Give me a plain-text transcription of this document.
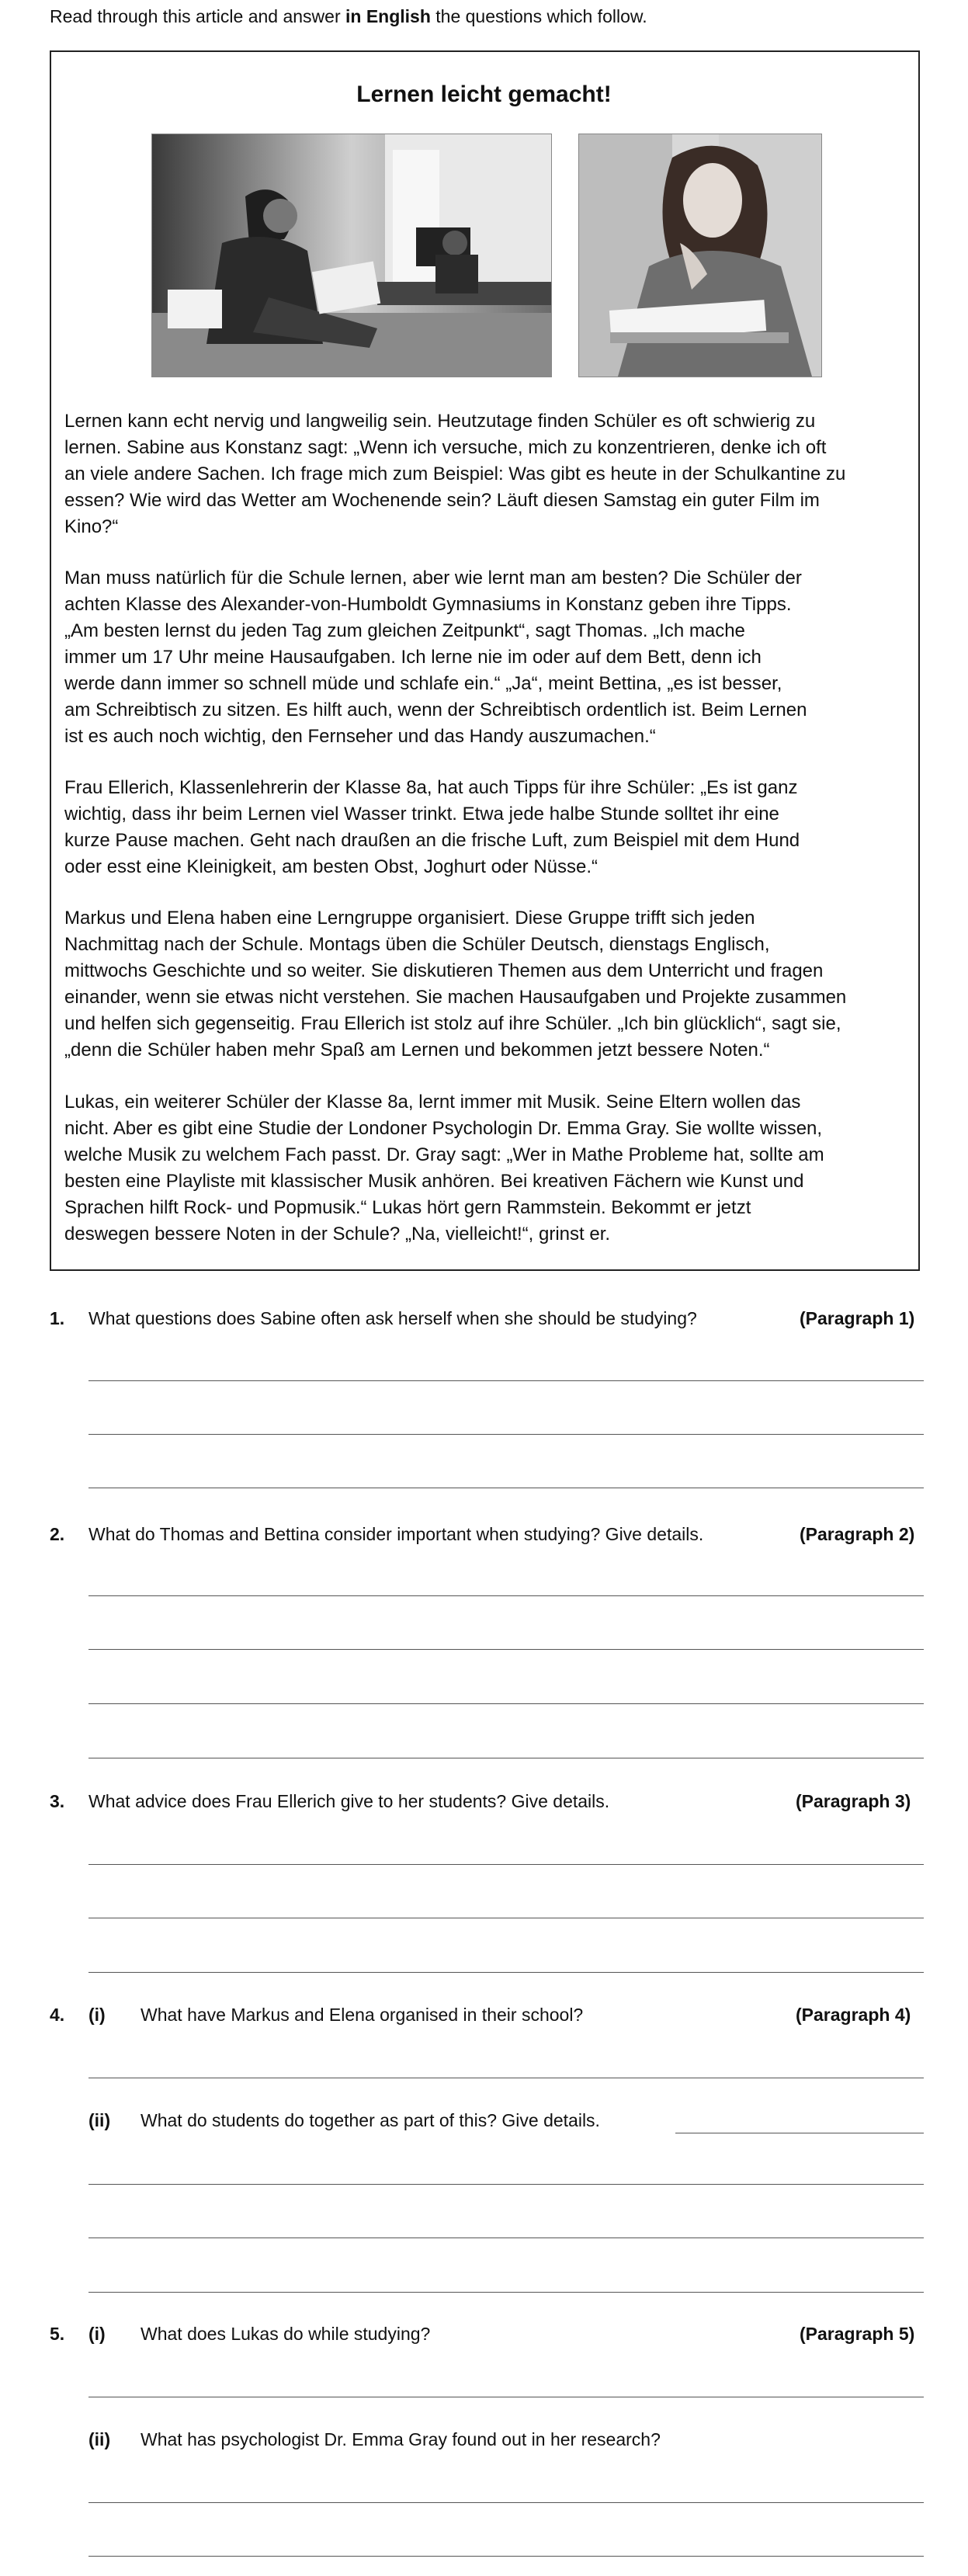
Read through this article and answer in English the questions which follow.
Lernen leicht gemacht!

Lernen kann echt nervig und langweilig sein. Heutzutage finden Schüler es oft schwierig zu

lernen. Sabine aus Konstanz sagt: „Wenn ich versuche, mich zu konzentrieren, denke ich oft

an viele andere Sachen. Ich frage mich zum Beispiel: Was gibt es heute in der Schulkantine zu

essen? Wie wird das Wetter am Wochenende sein? Läuft diesen Samstag ein guter Film im

Kino?“

Man muss natürlich für die Schule lernen, aber wie lernt man am besten? Die Schüler der

achten Klasse des Alexander-von-Humboldt Gymnasiums in Konstanz geben ihre Tipps.

„Am besten lernst du jeden Tag zum gleichen Zeitpunkt“, sagt Thomas. „Ich mache

immer um 17 Uhr meine Hausaufgaben. Ich lerne nie im oder auf dem Bett, denn ich

werde dann immer so schnell müde und schlafe ein.“ „Ja“, meint Bettina, „es ist besser,

am Schreibtisch zu sitzen. Es hilft auch, wenn der Schreibtisch ordentlich ist. Beim Lernen

ist es auch noch wichtig, den Fernseher und das Handy auszumachen.“

Frau Ellerich, Klassenlehrerin der Klasse 8a, hat auch Tipps für ihre Schüler: „Es ist ganz

wichtig, dass ihr beim Lernen viel Wasser trinkt. Etwa jede halbe Stunde solltet ihr eine

kurze Pause machen. Geht nach draußen an die frische Luft, zum Beispiel mit dem Hund

oder esst eine Kleinigkeit, am besten Obst, Joghurt oder Nüsse.“

Markus und Elena haben eine Lerngruppe organisiert. Diese Gruppe trifft sich jeden

Nachmittag nach der Schule. Montags üben die Schüler Deutsch, dienstags Englisch,

mittwochs Geschichte und so weiter. Sie diskutieren Themen aus dem Unterricht und fragen

einander, wenn sie etwas nicht verstehen. Sie machen Hausaufgaben und Projekte zusammen

und helfen sich gegenseitig. Frau Ellerich ist stolz auf ihre Schüler. „Ich bin glücklich“, sagt sie,

„denn die Schüler haben mehr Spaß am Lernen und bekommen jetzt bessere Noten.“

Lukas, ein weiterer Schüler der Klasse 8a, lernt immer mit Musik. Seine Eltern wollen das

nicht. Aber es gibt eine Studie der Londoner Psychologin Dr. Emma Gray. Sie wollte wissen,

welche Musik zu welchem Fach passt. Dr. Gray sagt: „Wer in Mathe Probleme hat, sollte am

besten eine Playliste mit klassischer Musik anhören. Bei kreativen Fächern wie Kunst und

Sprachen hilft Rock- und Popmusik.“ Lukas hört gern Rammstein. Bekommt er jetzt

deswegen bessere Noten in der Schule? „Na, vielleicht!“, grinst er.

1. What questions does Sabine often ask herself when she should be studying?	(Paragraph 1)
2. What do Thomas and Bettina consider important when studying? Give details.	(Paragraph 2)
3. What advice does Frau Ellerich give to her students? Give details.	(Paragraph 3)
4. (i) What have Markus and Elena organised in their school?	(Paragraph 4)
(ii) What do students do together as part of this? Give details.
5. (i) What does Lukas do while studying?	(Paragraph 5)
(ii) What has psychologist Dr. Emma Gray found out in her research?
